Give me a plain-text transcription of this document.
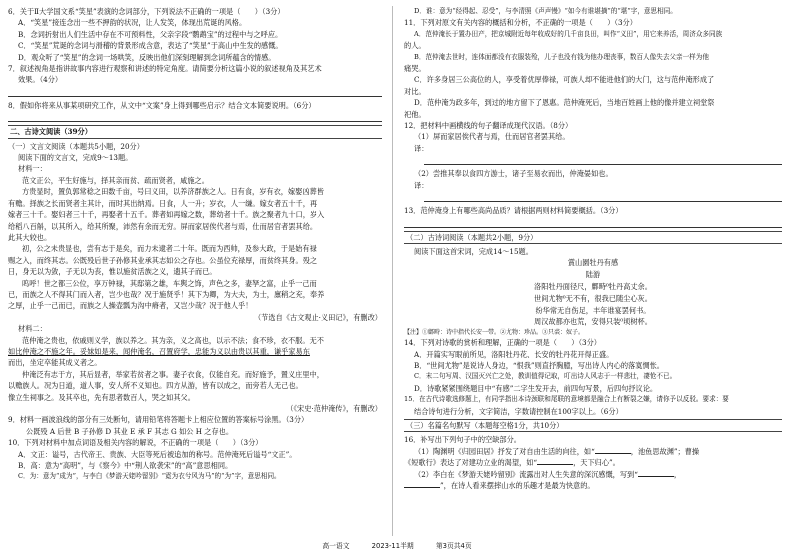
6．关于Ⅱ大学国文系“笑星”表演的念词部分，下列说法不正确的一项是（　　）（3分）

A．“笑星”接连念出一些不押韵的状况，让人发笑，体现出荒诞的风格。

B．念词折射出人们生活中存在不可预料性，父亲字段“鹦鹉宝”的过程中与之呼应。

C．“笑星”荒诞的念词与滑稽的背景形成含意，表达了“笑星”于高山中生发的感慨。

D．观众听了“笑星”的念词一场哄笑，反映出他们深刻理解到念词所蕴含的情感。

7．叙述视角是指讲故事内容进行观察和讲述的特定角度。请简要分析这篇小说的叙述视角及其艺术

效果。（4分）

8．假如你将来从事某项研究工作，从文中“文案”身上得到哪些启示？结合文本简要说明。（6分）

二、古诗文阅读（39分）

（一）文言文阅读（本题共5小题，20分）

阅读下面的文言文，完成9～13题。

材料一：

范文正公，平生好施与，择其亲而贫、疏而贤者，咸施之。

方贵显时，置负郭常稔之田数千亩，号曰义田，以养济群族之人。日有食，岁有衣，嫁娶凶葬皆

有赡。择族之长而贤者主其计，而时其出纳焉。日食，人一升；岁衣，人一缣。嫁女者五十千，再

嫁者三十千。娶妇者三十千，再娶者十五千。葬者如再嫁之数，葬幼者十千。族之聚者九十口，岁入

给稻八百斛，以其所入，给其所聚，沛然有余而无穷。屏而家居俟代者与焉，仕而居官者罢其给。

此其大较也。

初，公之未贵显也，尝有志于是矣，而力未逮者二十年。既而为西帅，及参大政，于是始有禄

赐之入，而终其志。公既殁后世子孙修其业承其志如公之存也。公虽位充禄厚，而贫终其身。殁之

日，身无以为敛，子无以为丧，惟以施贫活族之义，遗其子而已。

呜呼！世之都三公位，享万钟禄，其邸第之雄，车舆之饰，声色之多，妻孥之富，止乎一己而

已，而族之人不得其门而入者，岂少也哉？况于施贤乎！其下为卿，为大夫，为士，廪稍之充，奉养

之厚，止乎一己而已，而族之人操壶瓢为沟中瘠者，又岂少哉？况于他人乎！

（节选自《古文观止·义田记》，有删改）

材料二：

范仲淹之贵也，依戚则义学，族以养之。其为亲，义之高也，以示不法；食不珍，衣不服。无不

如比仲淹之不施之年。妥妹如是来，闻仲淹名，召置府学，忠能为义以由贵以其重，谦乎家易东

而出，坐定卒能其成义者之。

仲淹泛有志于方，其后显者，举家若贫者之事。妻子衣食，仅能自充。而好施予，置义庄里中，

以赡族人。况为日道，道人事，安人所不义知也。四方从游，皆有以成之，而旁若人无己也。

像立生祠事之。及其卒也，先有思者数百人，哭之如其父。

（《宋史·范仲淹传》，有删改）

9．材料一画波浪线的部分有三处断句，请用铅笔将答题卡上相应位置的答案标号涂黑。（3分）

公既殁 A 后世 B 子孙修 D 其业 E 承 F 其志 G 如公 H 之存也。

10．下列对材料中加点词语及相关内容的解说，不正确的一项是（　　）（3分）

A．文正：谥号，古代帝王、贵族、大臣等死后被追加的称号。范仲淹死后谥号“文正”。

B．高：意为“高明”，与《察今》中“荆人欲袭宋”的“高”意思相同。

C．为：意为“成为”，与李白《梦游天姥吟留别》“霓为衣兮风为马”的“为”字，意思相同。

D．谁：意为“经得起、忍受”，与李清照《声声慢》“如今有谁堪摘”的“堪”字，意思相同。

11．下列对原文有关内容的概括和分析，不正确的一项是（　　）（3分）

A．范仲淹长于置办田产，把京城附近每年收成好的几千亩良田，叫作“义田”，用它来养活，周济众多同族

的人。

B．范仲淹去世时，连体面都没有衣服装殓，儿子也没有钱为他办理丧事，数百人像失去父亲一样为他

痛哭。

C．许多身居三公高位的人，享受着优厚俸禄，可族人却不能进他们的大门，这与范仲淹形成了

对比。

D．范仲淹为政多年，到过的地方留下了恩惠。范仲淹死后，当地百姓画上他的像并建立祠堂祭

祀他。

12．把材料中画横线的句子翻译成现代汉语。（8分）

（1）屏而家居俟代者与焉，仕而居官者罢其给。

译：

（2）尝推其奉以食四方游士，诸子至易衣而出，仲淹晏如也。

译：

13．范仲淹身上有哪些高尚品质？请根据两则材料简要概括。（3分）

（二）古诗词阅读（本题共2小题，9分）

阅读下面这首宋词，完成14～15题。

賞山園牡丹有感

陆游

洛阳牡丹面径尺，鄜畤⁰牡丹高丈余。

世间尤物⁰无不有，很我已随尘心灰。

纷华常无自伤足，丰年谁宴罢何书。

周汉故都亦也荒，安得只装⁰顷树杯。

【注】①鄜畤：诗中指代长安一带。②尤物：珍品。③只裘：奴子。

14．下列对诗歌的赏析和理解，正确的一项是（　　）（3分）

A．开篇实写眼前所见，洛阳牡丹花、长安的牡丹花开得正盛。

B．“世间尤物”是说诗人身边，“恨我”则直抒胸臆，写出诗人内心的落寞惆怅。

C．末二句写周、汉国灭兴亡之处，教训值得记取，叮出诗人风志于一样悲壮，凄怆不已。

D．诗歌紧紧围绕题目中“有感”二字生发开去，前四句写景，后四句抒议论。

15．在古代诗歌选修题上，有同学指出本诗颈联和尾联的意境都是融合上有断裂之嫌，请你予以反驳。要求：要

结合诗句进行分析，文字简洁，字数请控制在100字以上。（6分）

（三）名篇名句默写（本题每空格1分，共10分）

16．补写出下列句子中的空缺部分。

（1）陶渊明《归园田居》抒发了对自由生活的向往，如“	，池鱼思故渊”；曹操

《短歌行》表达了对建功立业的渴望，如“	，天下归心”。

（2）李白在《梦游天姥吟留别》流露出对人生失意的深沉感慨，写到“	，

”，在诗人看来摆摔山水的乐趣才是最为快意的。

高一语文	2023-11半期	第3页共4页
